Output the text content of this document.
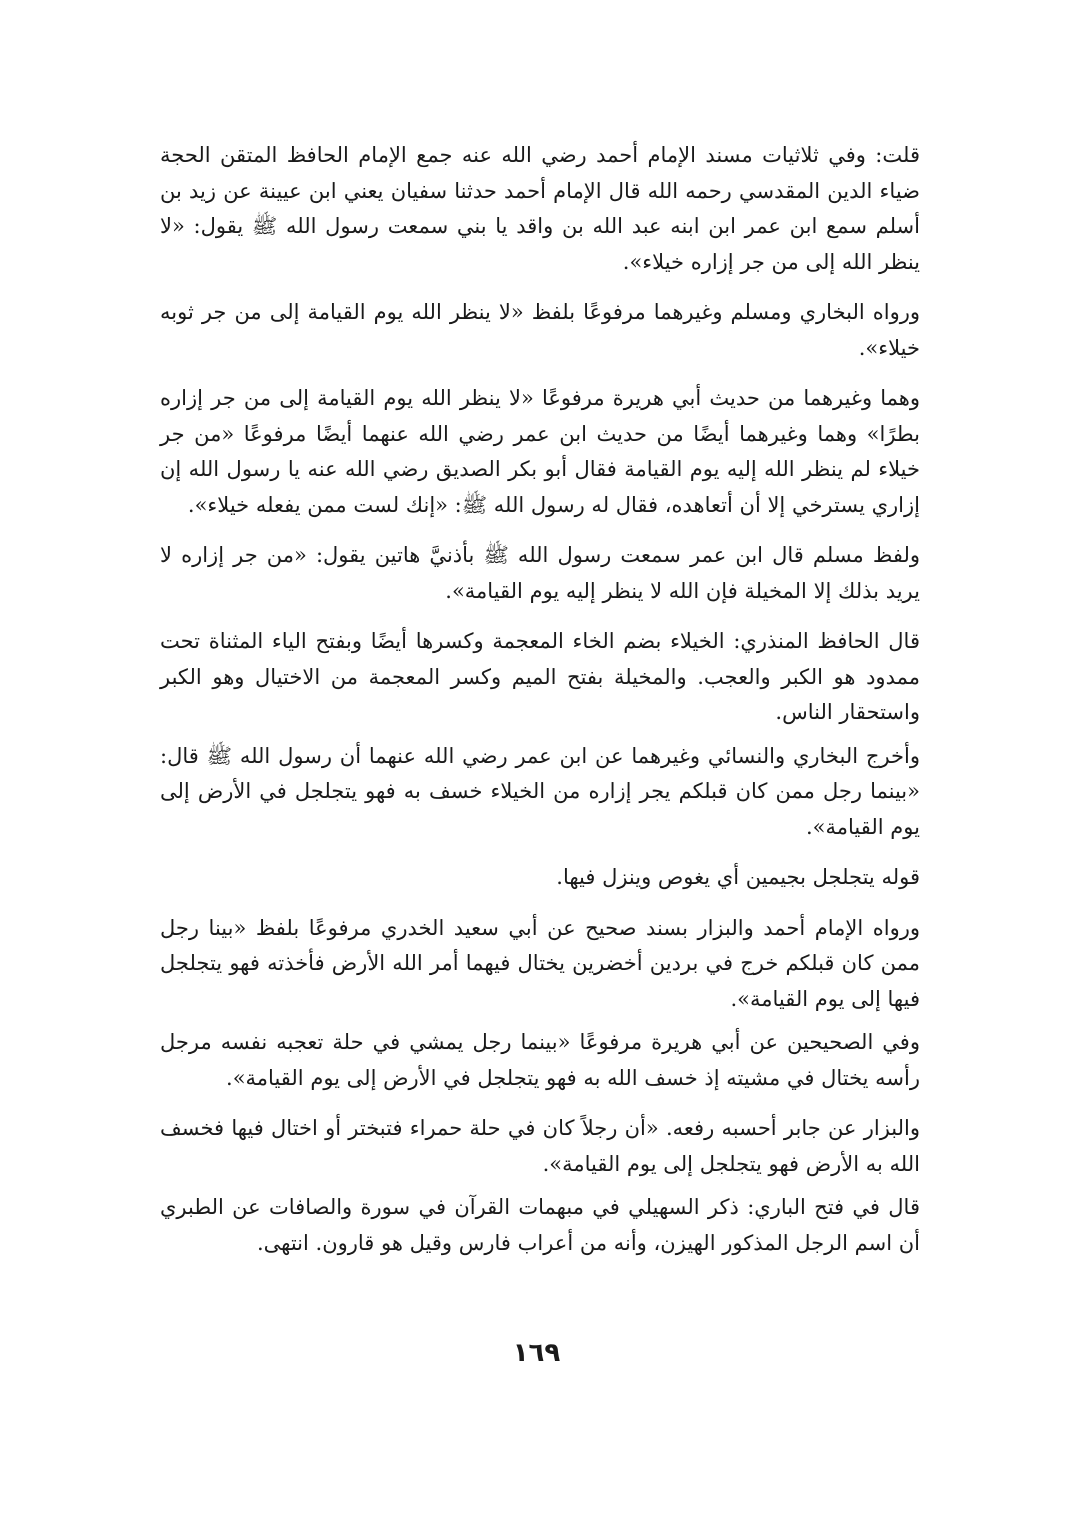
قلت: وفي ثلاثيات مسند الإمام أحمد رضي الله عنه جمع الإمام الحافظ المتقن الحجة ضياء الدين المقدسي رحمه الله قال الإمام أحمد حدثنا سفيان يعني ابن عيينة عن زيد بن أسلم سمع ابن عمر ابن ابنه عبد الله بن واقد يا بني سمعت رسول الله ﷺ يقول: «لا ينظر الله إلى من جر إزاره خيلاء».

ورواه البخاري ومسلم وغيرهما مرفوعًا بلفظ «لا ينظر الله يوم القيامة إلى من جر ثوبه خيلاء».

وهما وغيرهما من حديث أبي هريرة مرفوعًا «لا ينظر الله يوم القيامة إلى من جر إزاره بطرًا» وهما وغيرهما أيضًا من حديث ابن عمر رضي الله عنهما أيضًا مرفوعًا «من جر خيلاء لم ينظر الله إليه يوم القيامة فقال أبو بكر الصديق رضي الله عنه يا رسول الله إن إزاري يسترخي إلا أن أتعاهده، فقال له رسول الله ﷺ: «إنك لست ممن يفعله خيلاء».

ولفظ مسلم قال ابن عمر سمعت رسول الله ﷺ بأذنيَّ هاتين يقول: «من جر إزاره لا يريد بذلك إلا المخيلة فإن الله لا ينظر إليه يوم القيامة».

قال الحافظ المنذري: الخيلاء بضم الخاء المعجمة وكسرها أيضًا وبفتح الياء المثناة تحت ممدود هو الكبر والعجب. والمخيلة بفتح الميم وكسر المعجمة من الاختيال وهو الكبر واستحقار الناس.

وأخرج البخاري والنسائي وغيرهما عن ابن عمر رضي الله عنهما أن رسول الله ﷺ قال: «بينما رجل ممن كان قبلكم يجر إزاره من الخيلاء خسف به فهو يتجلجل في الأرض إلى يوم القيامة».

قوله يتجلجل بجيمين أي يغوص وينزل فيها.

ورواه الإمام أحمد والبزار بسند صحيح عن أبي سعيد الخدري مرفوعًا بلفظ «بينا رجل ممن كان قبلكم خرج في بردين أخضرين يختال فيهما أمر الله الأرض فأخذته فهو يتجلجل فيها إلى يوم القيامة».

وفي الصحيحين عن أبي هريرة مرفوعًا «بينما رجل يمشي في حلة تعجبه نفسه مرجل رأسه يختال في مشيته إذ خسف الله به فهو يتجلجل في الأرض إلى يوم القيامة».

والبزار عن جابر أحسبه رفعه. «أن رجلاً كان في حلة حمراء فتبختر أو اختال فيها فخسف الله به الأرض فهو يتجلجل إلى يوم القيامة».

قال في فتح الباري: ذكر السهيلي في مبهمات القرآن في سورة والصافات عن الطبري أن اسم الرجل المذكور الهيزن، وأنه من أعراب فارس وقيل هو قارون. انتهى.

١٦٩
